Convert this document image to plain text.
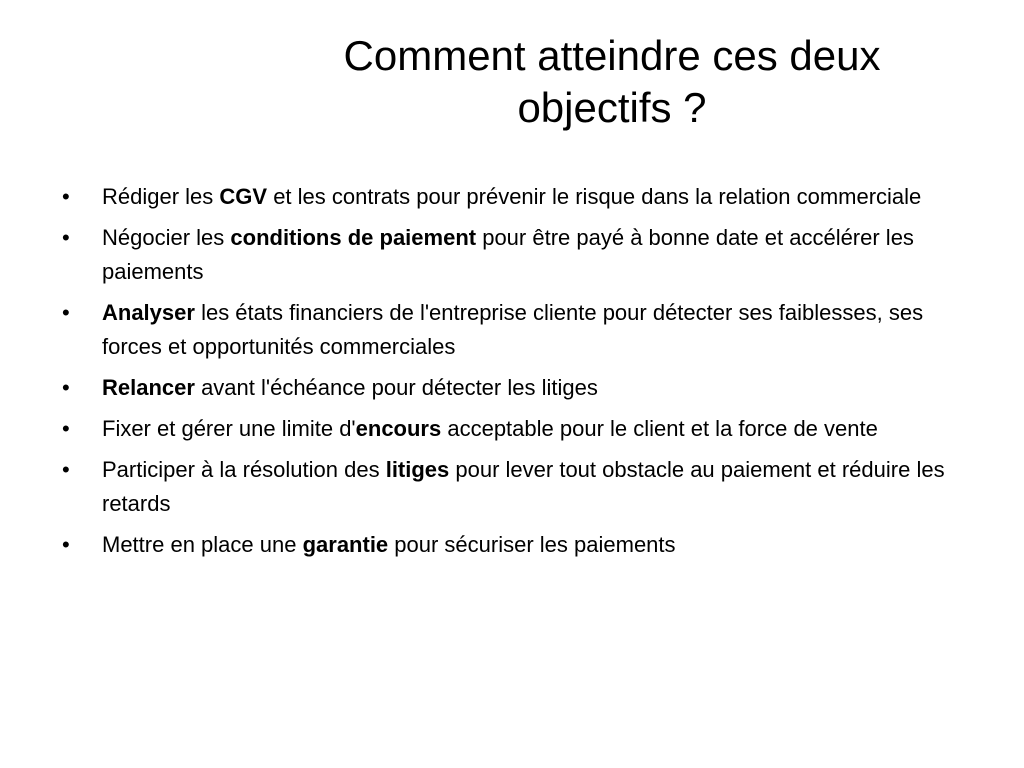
Comment atteindre ces deux
objectifs ?
• Rédiger les CGV et les contrats pour prévenir le risque dans la relation commerciale
• Négocier les conditions de paiement pour être payé à bonne date et accélérer les paiements
• Analyser les états financiers de l'entreprise cliente pour détecter ses faiblesses, ses forces et opportunités commerciales
• Relancer avant l'échéance pour détecter les litiges
• Fixer et gérer une limite d'encours acceptable pour le client et la force de vente
• Participer à la résolution des litiges pour lever tout obstacle au paiement et réduire les retards
• Mettre en place une garantie pour sécuriser les paiements
